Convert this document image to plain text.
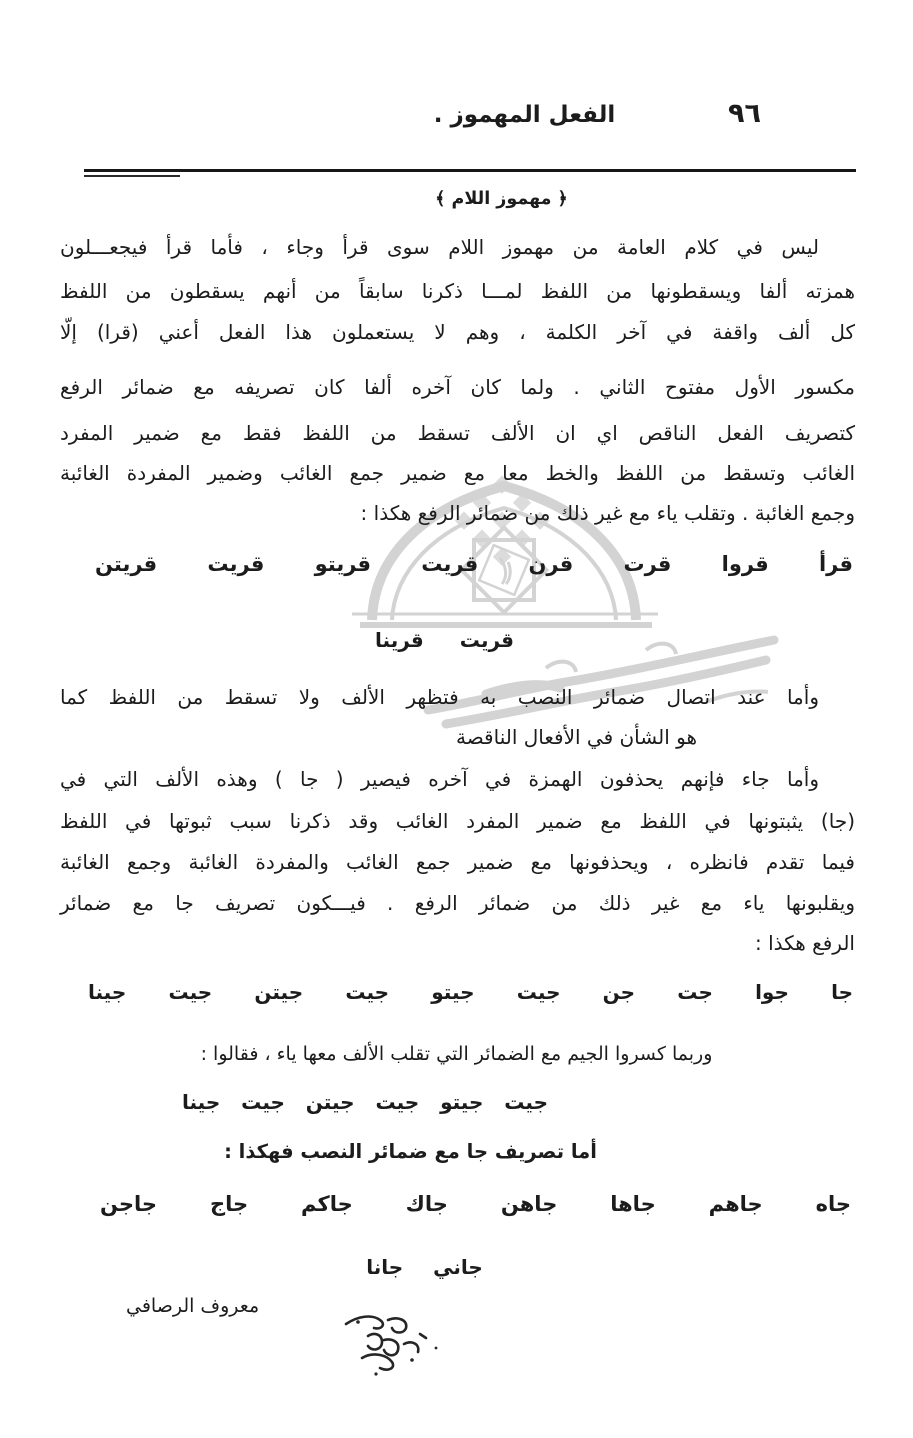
الفعل المهموز .	٩٦
﴿ مهموز اللام ﴾
ليس في كلام العامة من مهموز اللام سوى قرأ وجاء ، فأما قرأ فيجعـــلون
همزته ألفا ويسقطونها من اللفظ لمـــا ذكرنا سابقاً من أنهم يسقطون من اللفظ
كل ألف واقفة في آخر الكلمة ، وهم لا يستعملون هذا الفعل أعني (قرا) إلّا
مكسور الأول مفتوح الثاني . ولما كان آخره ألفا كان تصريفه مع ضمائر الرفع
كتصريف الفعل الناقص اي ان الألف تسقط من اللفظ فقط مع ضمير المفرد
الغائب وتسقط من اللفظ والخط معا مع ضمير جمع الغائب وضمير المفردة الغائبة
وجمع الغائبة . وتقلب ياء مع غير ذلك من ضمائر الرفع هكذا :
قرأ
قروا
قرت
قرن
قريت
قريتو
قريت
قريتن
قريت
قرينا
وأما عند اتصال ضمائر النصب به فتظهر الألف ولا تسقط من اللفظ كما
هو الشأن في الأفعال الناقصة
وأما جاء فإنهم يحذفون الهمزة في آخره فيصير ( جا ) وهذه الألف التي في
(جا) يثبتونها في اللفظ مع ضمير المفرد الغائب وقد ذكرنا سبب ثبوتها في اللفظ
فيما تقدم فانظره ، ويحذفونها مع ضمير جمع الغائب والمفردة الغائبة وجمع الغائبة
ويقلبونها ياء مع غير ذلك من ضمائر الرفع . فيـــكون تصريف جا مع ضمائر
الرفع هكذا :
جا
جوا
جت
جن
جيت
جيتو
جيت
جيتن
جيت
جينا
وربما كسروا الجيم مع الضمائر التي تقلب الألف معها ياء ، فقالوا :
جيت
جيتو
جيت
جيتن
جيت
جينا
أما تصريف جا مع ضمائر النصب فهكذا :
جاه
جاهم
جاها
جاهن
جاك
جاكم
جاج
جاجن
جاني
جانا
معروف الرصافي
